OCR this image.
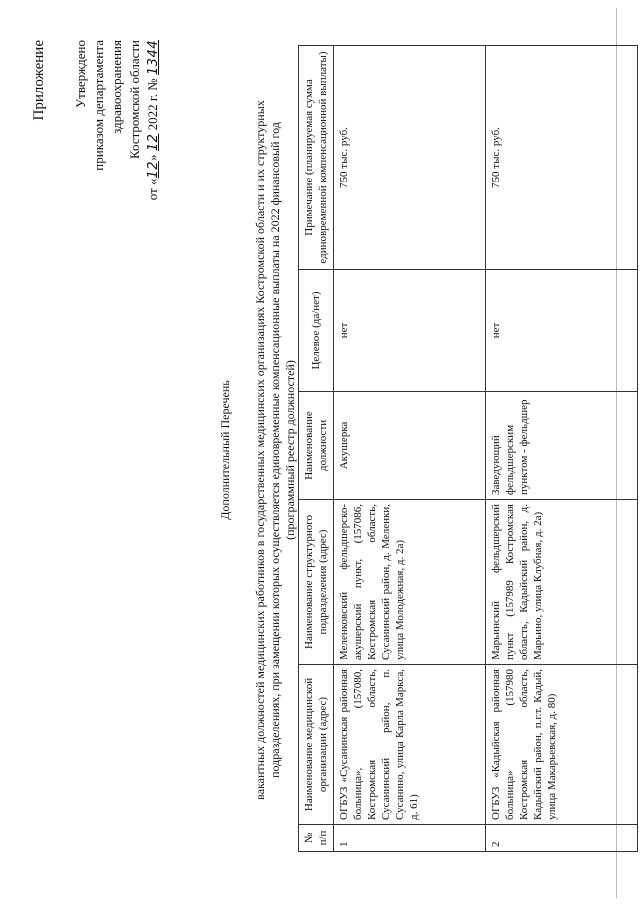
Приложение Утверждено приказом департамента здравоохранения Костромской области
от «12» 12 2022 г. № 1344
Дополнительный Перечень вакантных должностей медицинских работников в государственных медицинских организациях Костромской области и их структурных подразделениях, при замещении которых осуществляется единовременные компенсационные выплаты на 2022 финансовый год (программный реестр должностей)
№ п/п	Наименование медицинской организации (адрес)	Наименование структурного подразделения (адрес)	Наименование должности	Целевое (да/нет)	Примечание (планируемая сумма единовременной компенсационной выплаты)
1	ОГБУЗ «Сусанинская районная больница», (157080, Костромская область, Сусанинский район, п. Сусанино, улица Карла Маркса, д. 61)	Меленковский фельдшерско-акушерский пункт, (157086, Костромская область, Сусанинский район, д. Меленки, улица Молодежная, д. 2а)	Акушерка	нет	750 тыс. руб.
2	ОГБУЗ «Кадыйская районная больница» (157980 Костромская область, Кадыйский район, п.г.т. Кадый, улица Макарьевская, д. 80)	Марьинский фельдшерский пункт (157989 Костромская область, Кадыйский район, д. Марьино, улица Клубная, д. 2а)	Заведующий фельдшерским пунктом - фельдшер	нет	750 тыс. руб.
